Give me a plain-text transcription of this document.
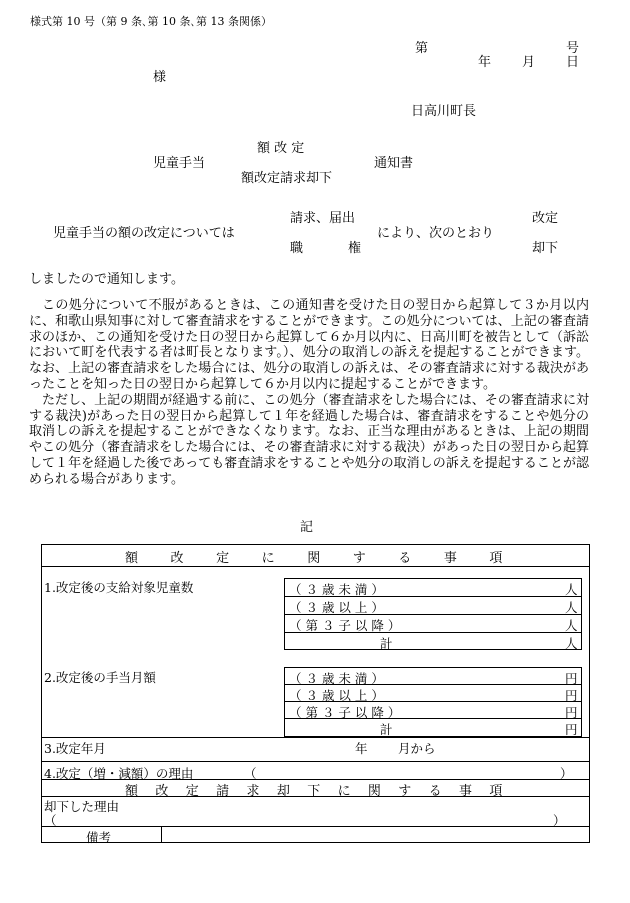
様式第 10 号（第 9 条､第 10 条､第 13 条関係）
第	号
年 月 日
様
日高川町長
額 改 定
児童手当	通知書
額改定請求却下
請求、届出	改定
児童手当の額の改定については	により、次のとおり
職	権	却下
しましたので通知します。

この処分について不服があるときは、この通知書を受けた日の翌日から起算して３か月以内に、和歌山県知事に対して審査請求をすることができます。この処分については、上記の審査請求のほか、この通知を受けた日の翌日から起算して６か月以内に、日高川町を被告として（訴訟において町を代表する者は町長となります。）、処分の取消しの訴えを提起することができます。なお、上記の審査請求をした場合には、処分の取消しの訴えは、その審査請求に対する裁決があったことを知った日の翌日から起算して６か月以内に提起することができます。

ただし、上記の期間が経過する前に、この処分（審査請求をした場合には、その審査請求に対する裁決)があった日の翌日から起算して１年を経過した場合は、審査請求をすることや処分の取消しの訴えを提起することができなくなります。なお、正当な理由があるときは、上記の期間やこの処分（審査請求をした場合には、その審査請求に対する裁決）があった日の翌日から起算して１年を経過した後であっても審査請求をすることや処分の取消しの訴えを提起することが認められる場合があります。

記
額 改 定 に 関 す る 事 項
1.改定後の支給対象児童数	（ ３ 歳 未 満 ）	人
（ ３ 歳 以 上 ）	人
（ 第 ３ 子 以 降 ）	人
計	人
2.改定後の手当月額	（ ３ 歳 未 満 ）	円
（ ３ 歳 以 上 ）	円
（ 第 ３ 子 以 降 ）	円
計	円
3.改定年月	年 月から
4.改定（増・減額）の理由	（	）
額 改 定 請 求 却 下 に 関 す る 事 項
却下した理由
（	）
備考
